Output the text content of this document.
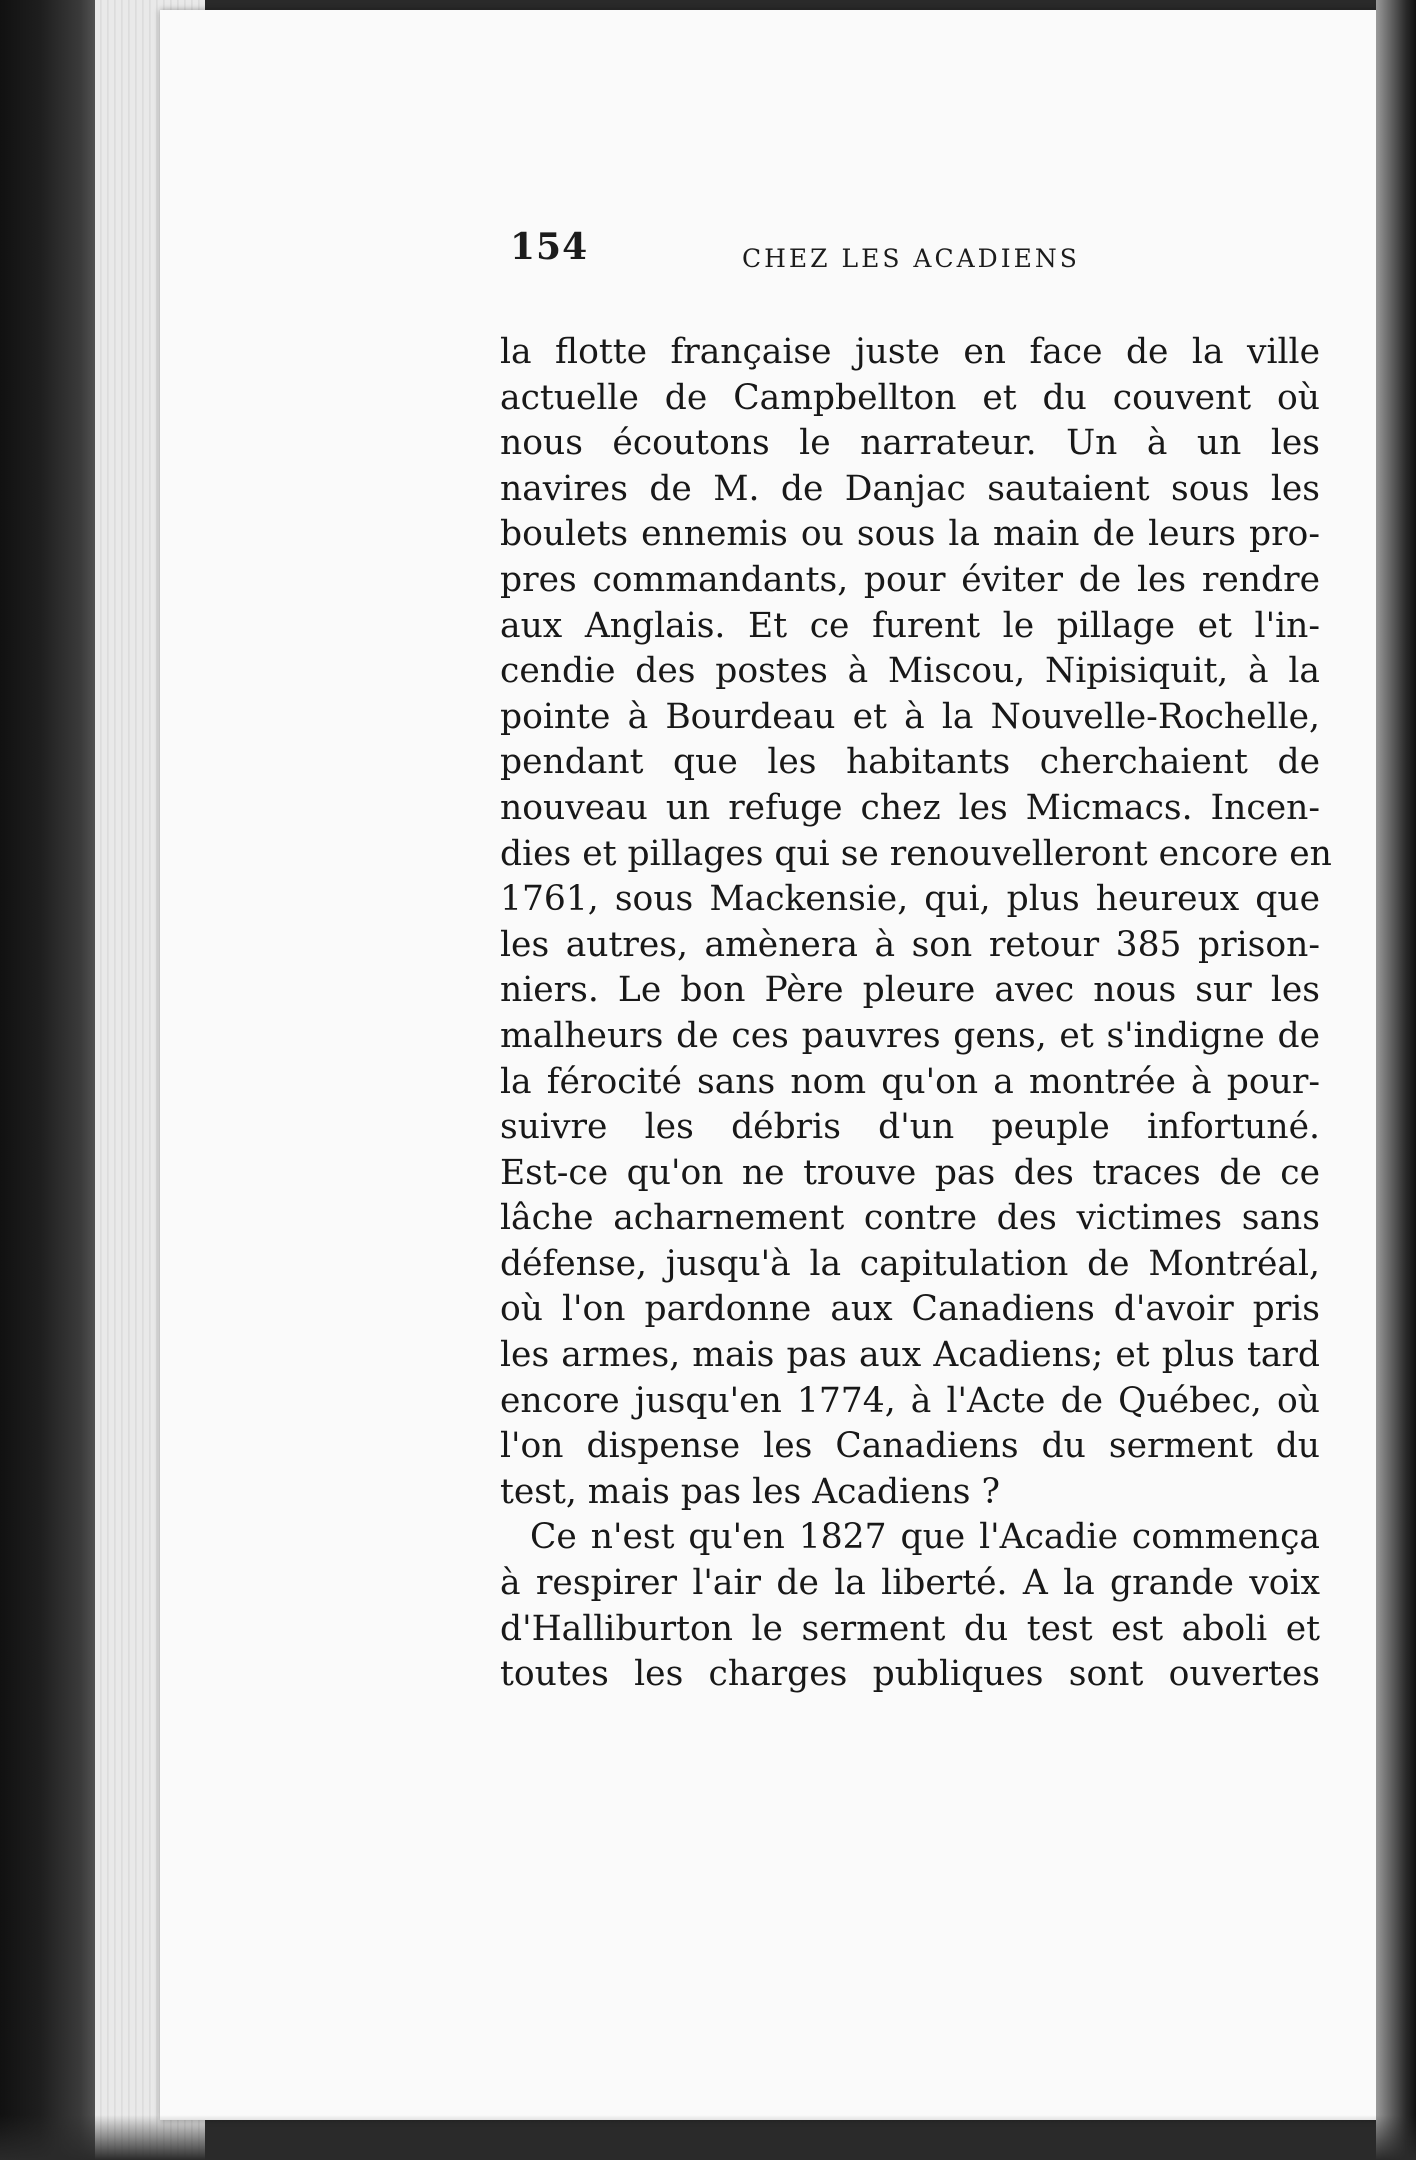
154	CHEZ LES ACADIENS
la flotte française juste en face de la ville
actuelle de Campbellton et du couvent où
nous écoutons le narrateur. Un à un les
navires de M. de Danjac sautaient sous les
boulets ennemis ou sous la main de leurs pro-
pres commandants, pour éviter de les rendre
aux Anglais. Et ce furent le pillage et l'in-
cendie des postes à Miscou, Nipisiquit, à la
pointe à Bourdeau et à la Nouvelle-Rochelle,
pendant que les habitants cherchaient de
nouveau un refuge chez les Micmacs. Incen-
dies et pillages qui se renouvelleront encore en
1761, sous Mackensie, qui, plus heureux que
les autres, amènera à son retour 385 prison-
niers. Le bon Père pleure avec nous sur les
malheurs de ces pauvres gens, et s'indigne de
la férocité sans nom qu'on a montrée à pour-
suivre les débris d'un peuple infortuné.
Est-ce qu'on ne trouve pas des traces de ce
lâche acharnement contre des victimes sans
défense, jusqu'à la capitulation de Montréal,
où l'on pardonne aux Canadiens d'avoir pris
les armes, mais pas aux Acadiens; et plus tard
encore jusqu'en 1774, à l'Acte de Québec, où
l'on dispense les Canadiens du serment du
test, mais pas les Acadiens ?
Ce n'est qu'en 1827 que l'Acadie commença
à respirer l'air de la liberté. A la grande voix
d'Halliburton le serment du test est aboli et
toutes les charges publiques sont ouvertes
